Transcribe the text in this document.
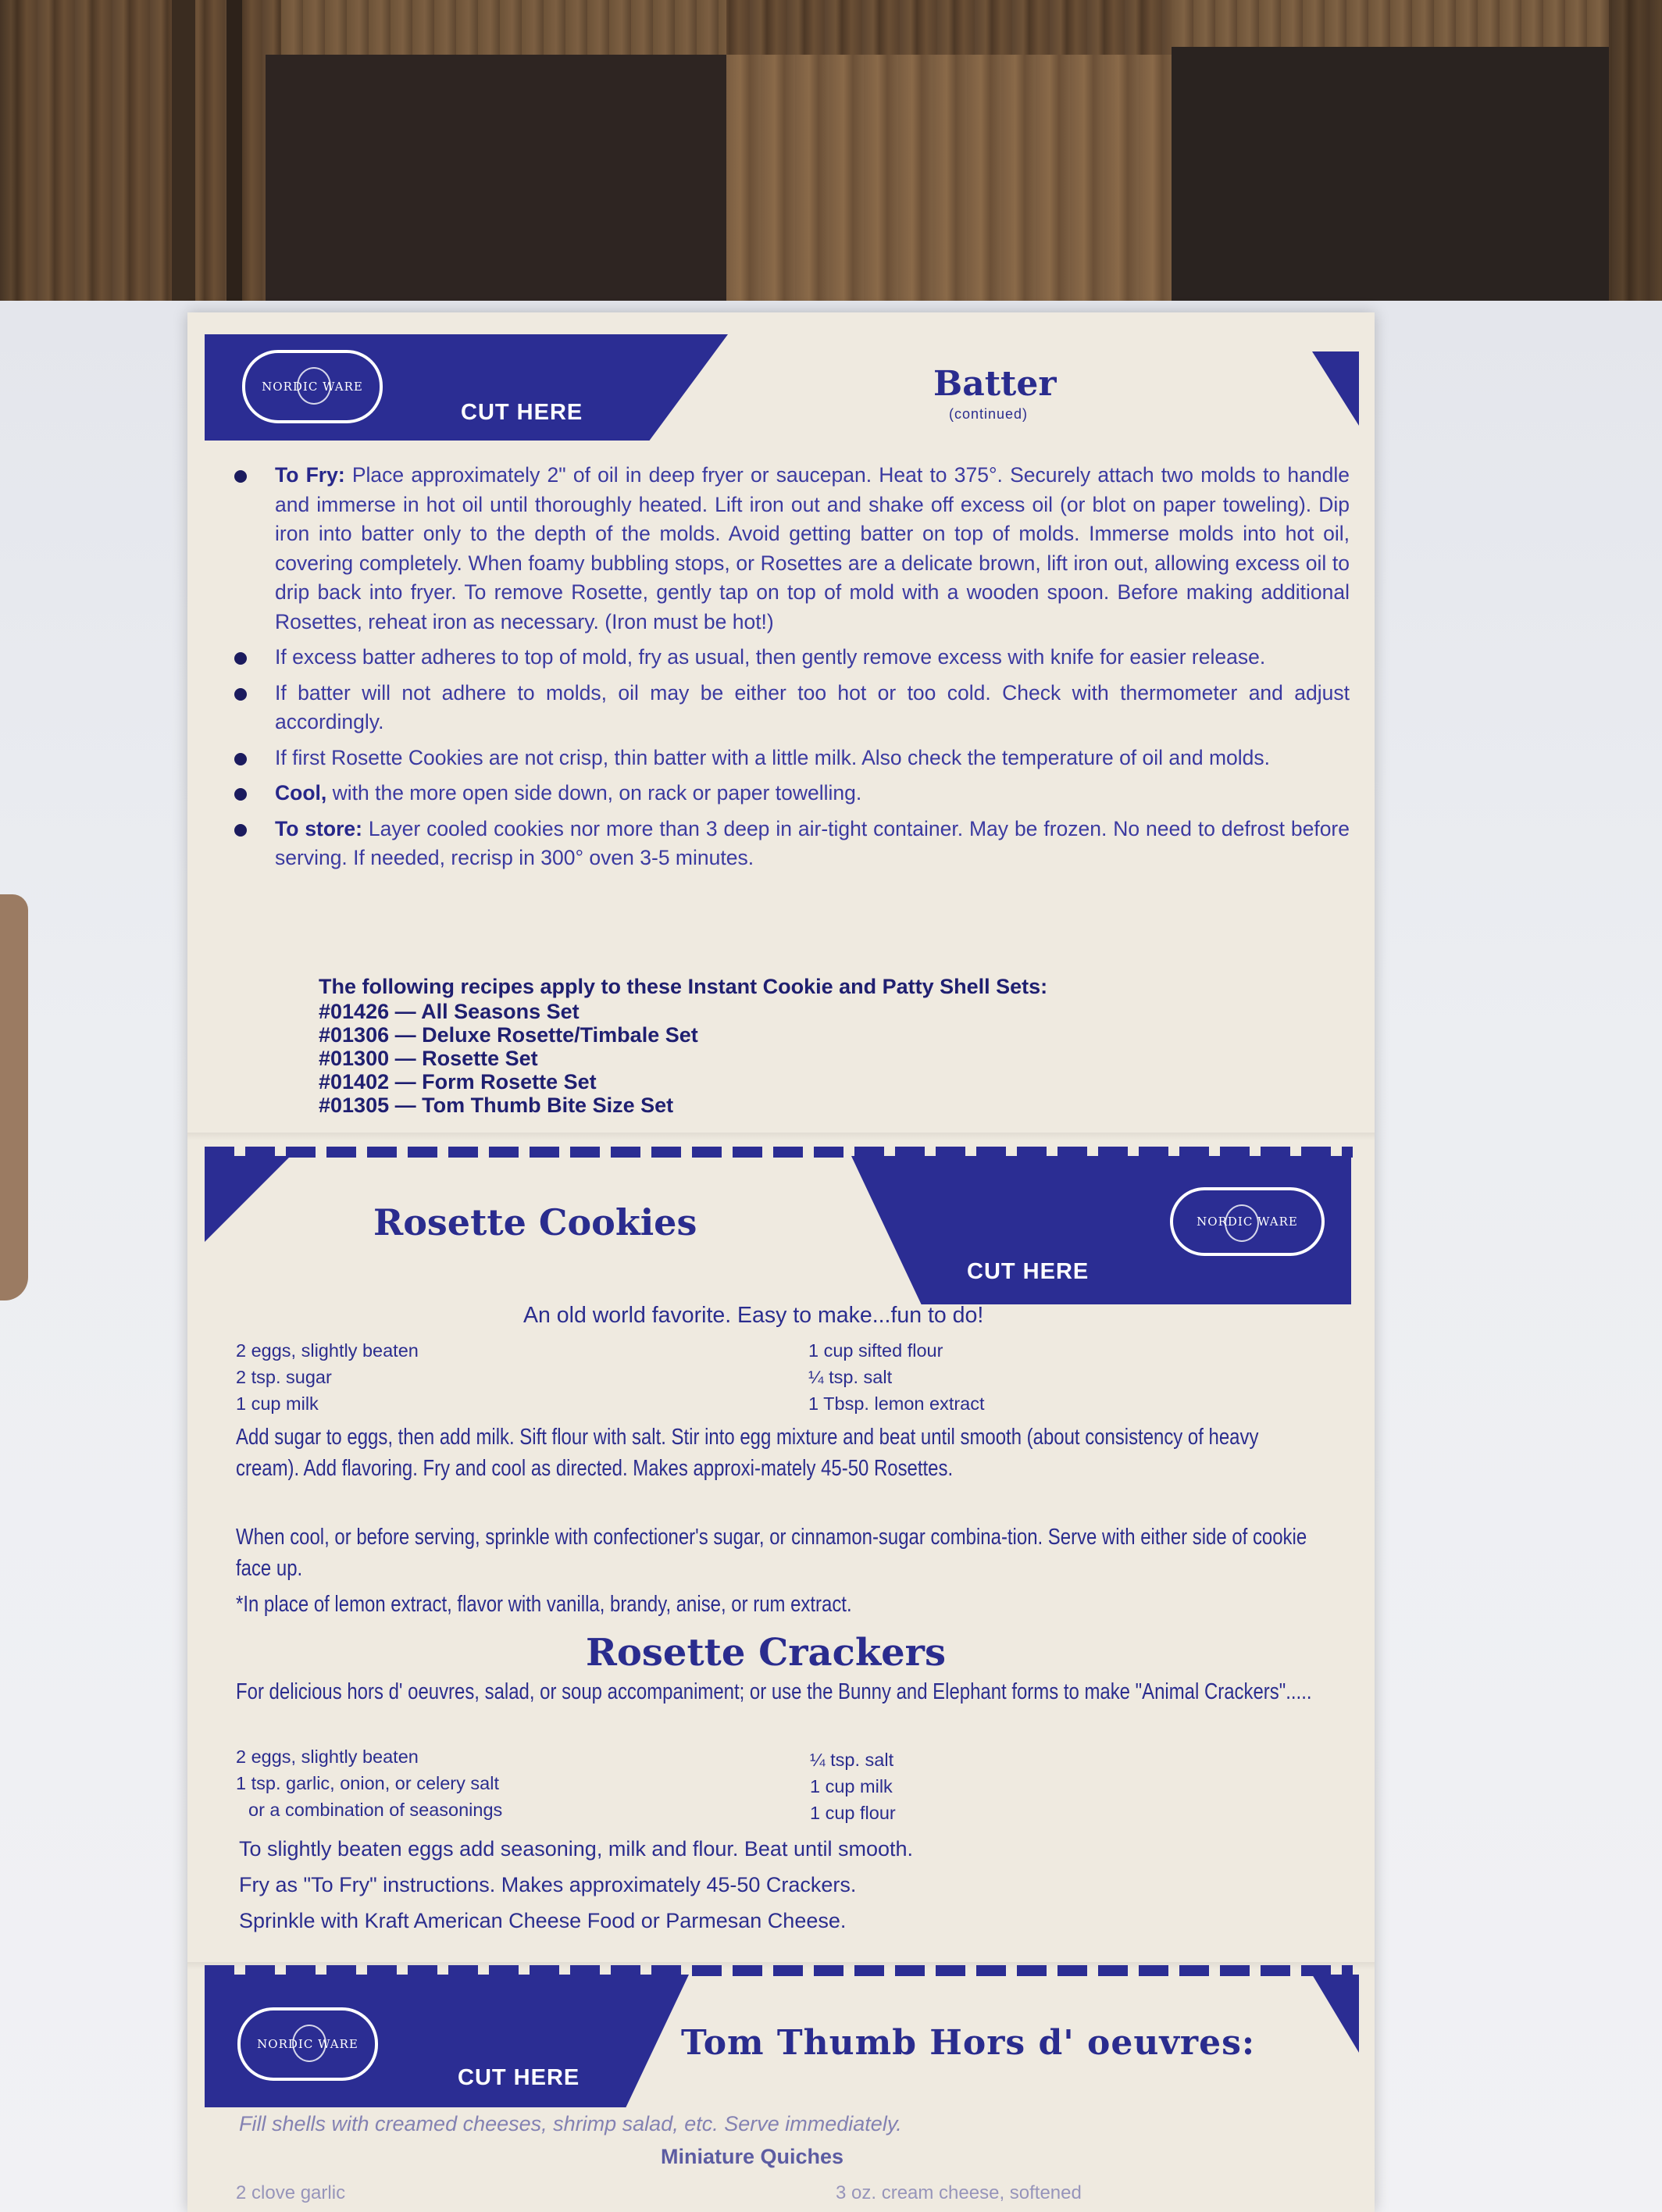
NORDIC WARE
CUT HERE
Batter
(continued)
To Fry: Place approximately 2" of oil in deep fryer or saucepan. Heat to 375°. Securely attach two molds to handle and immerse in hot oil until thoroughly heated. Lift iron out and shake off excess oil (or blot on paper toweling). Dip iron into batter only to the depth of the molds. Avoid getting batter on top of molds. Immerse molds into hot oil, covering completely. When foamy bubbling stops, or Rosettes are a delicate brown, lift iron out, allowing excess oil to drip back into fryer. To remove Rosette, gently tap on top of mold with a wooden spoon. Before making additional Rosettes, reheat iron as necessary. (Iron must be hot!)
If excess batter adheres to top of mold, fry as usual, then gently remove excess with knife for easier release.
If batter will not adhere to molds, oil may be either too hot or too cold. Check with thermometer and adjust accordingly.
If first Rosette Cookies are not crisp, thin batter with a little milk. Also check the temperature of oil and molds.
Cool, with the more open side down, on rack or paper towelling.
To store: Layer cooled cookies nor more than 3 deep in air-tight container. May be frozen. No need to defrost before serving. If needed, recrisp in 300° oven 3-5 minutes.
The following recipes apply to these Instant Cookie and Patty Shell Sets:
#01426 — All Seasons Set
#01306 — Deluxe Rosette/Timbale Set
#01300 — Rosette Set
#01402 — Form Rosette Set
#01305 — Tom Thumb Bite Size Set
NORDIC WARE
CUT HERE
Rosette Cookies
An old world favorite. Easy to make...fun to do!
2 eggs, slightly beaten
2 tsp. sugar
1 cup milk
1 cup sifted flour
¼ tsp. salt
1 Tbsp. lemon extract
Add sugar to eggs, then add milk. Sift flour with salt. Stir into egg mixture and beat until smooth (about consistency of heavy cream). Add flavoring. Fry and cool as directed. Makes approxi-mately 45-50 Rosettes.
When cool, or before serving, sprinkle with confectioner's sugar, or cinnamon-sugar combina-tion. Serve with either side of cookie face up.
*In place of lemon extract, flavor with vanilla, brandy, anise, or rum extract.
Rosette Crackers
For delicious hors d' oeuvres, salad, or soup accompaniment; or use the Bunny and Elephant forms to make "Animal Crackers".....
2 eggs, slightly beaten
1 tsp. garlic, onion, or celery salt
or a combination of seasonings
¼ tsp. salt
1 cup milk
1 cup flour
To slightly beaten eggs add seasoning, milk and flour. Beat until smooth.
Fry as "To Fry" instructions. Makes approximately 45-50 Crackers.
Sprinkle with Kraft American Cheese Food or Parmesan Cheese.
NORDIC WARE
CUT HERE
Tom Thumb Hors d' oeuvres:
Fill shells with creamed cheeses, shrimp salad, etc. Serve immediately.
Miniature Quiches
2 clove garlic	3 oz. cream cheese, softened
